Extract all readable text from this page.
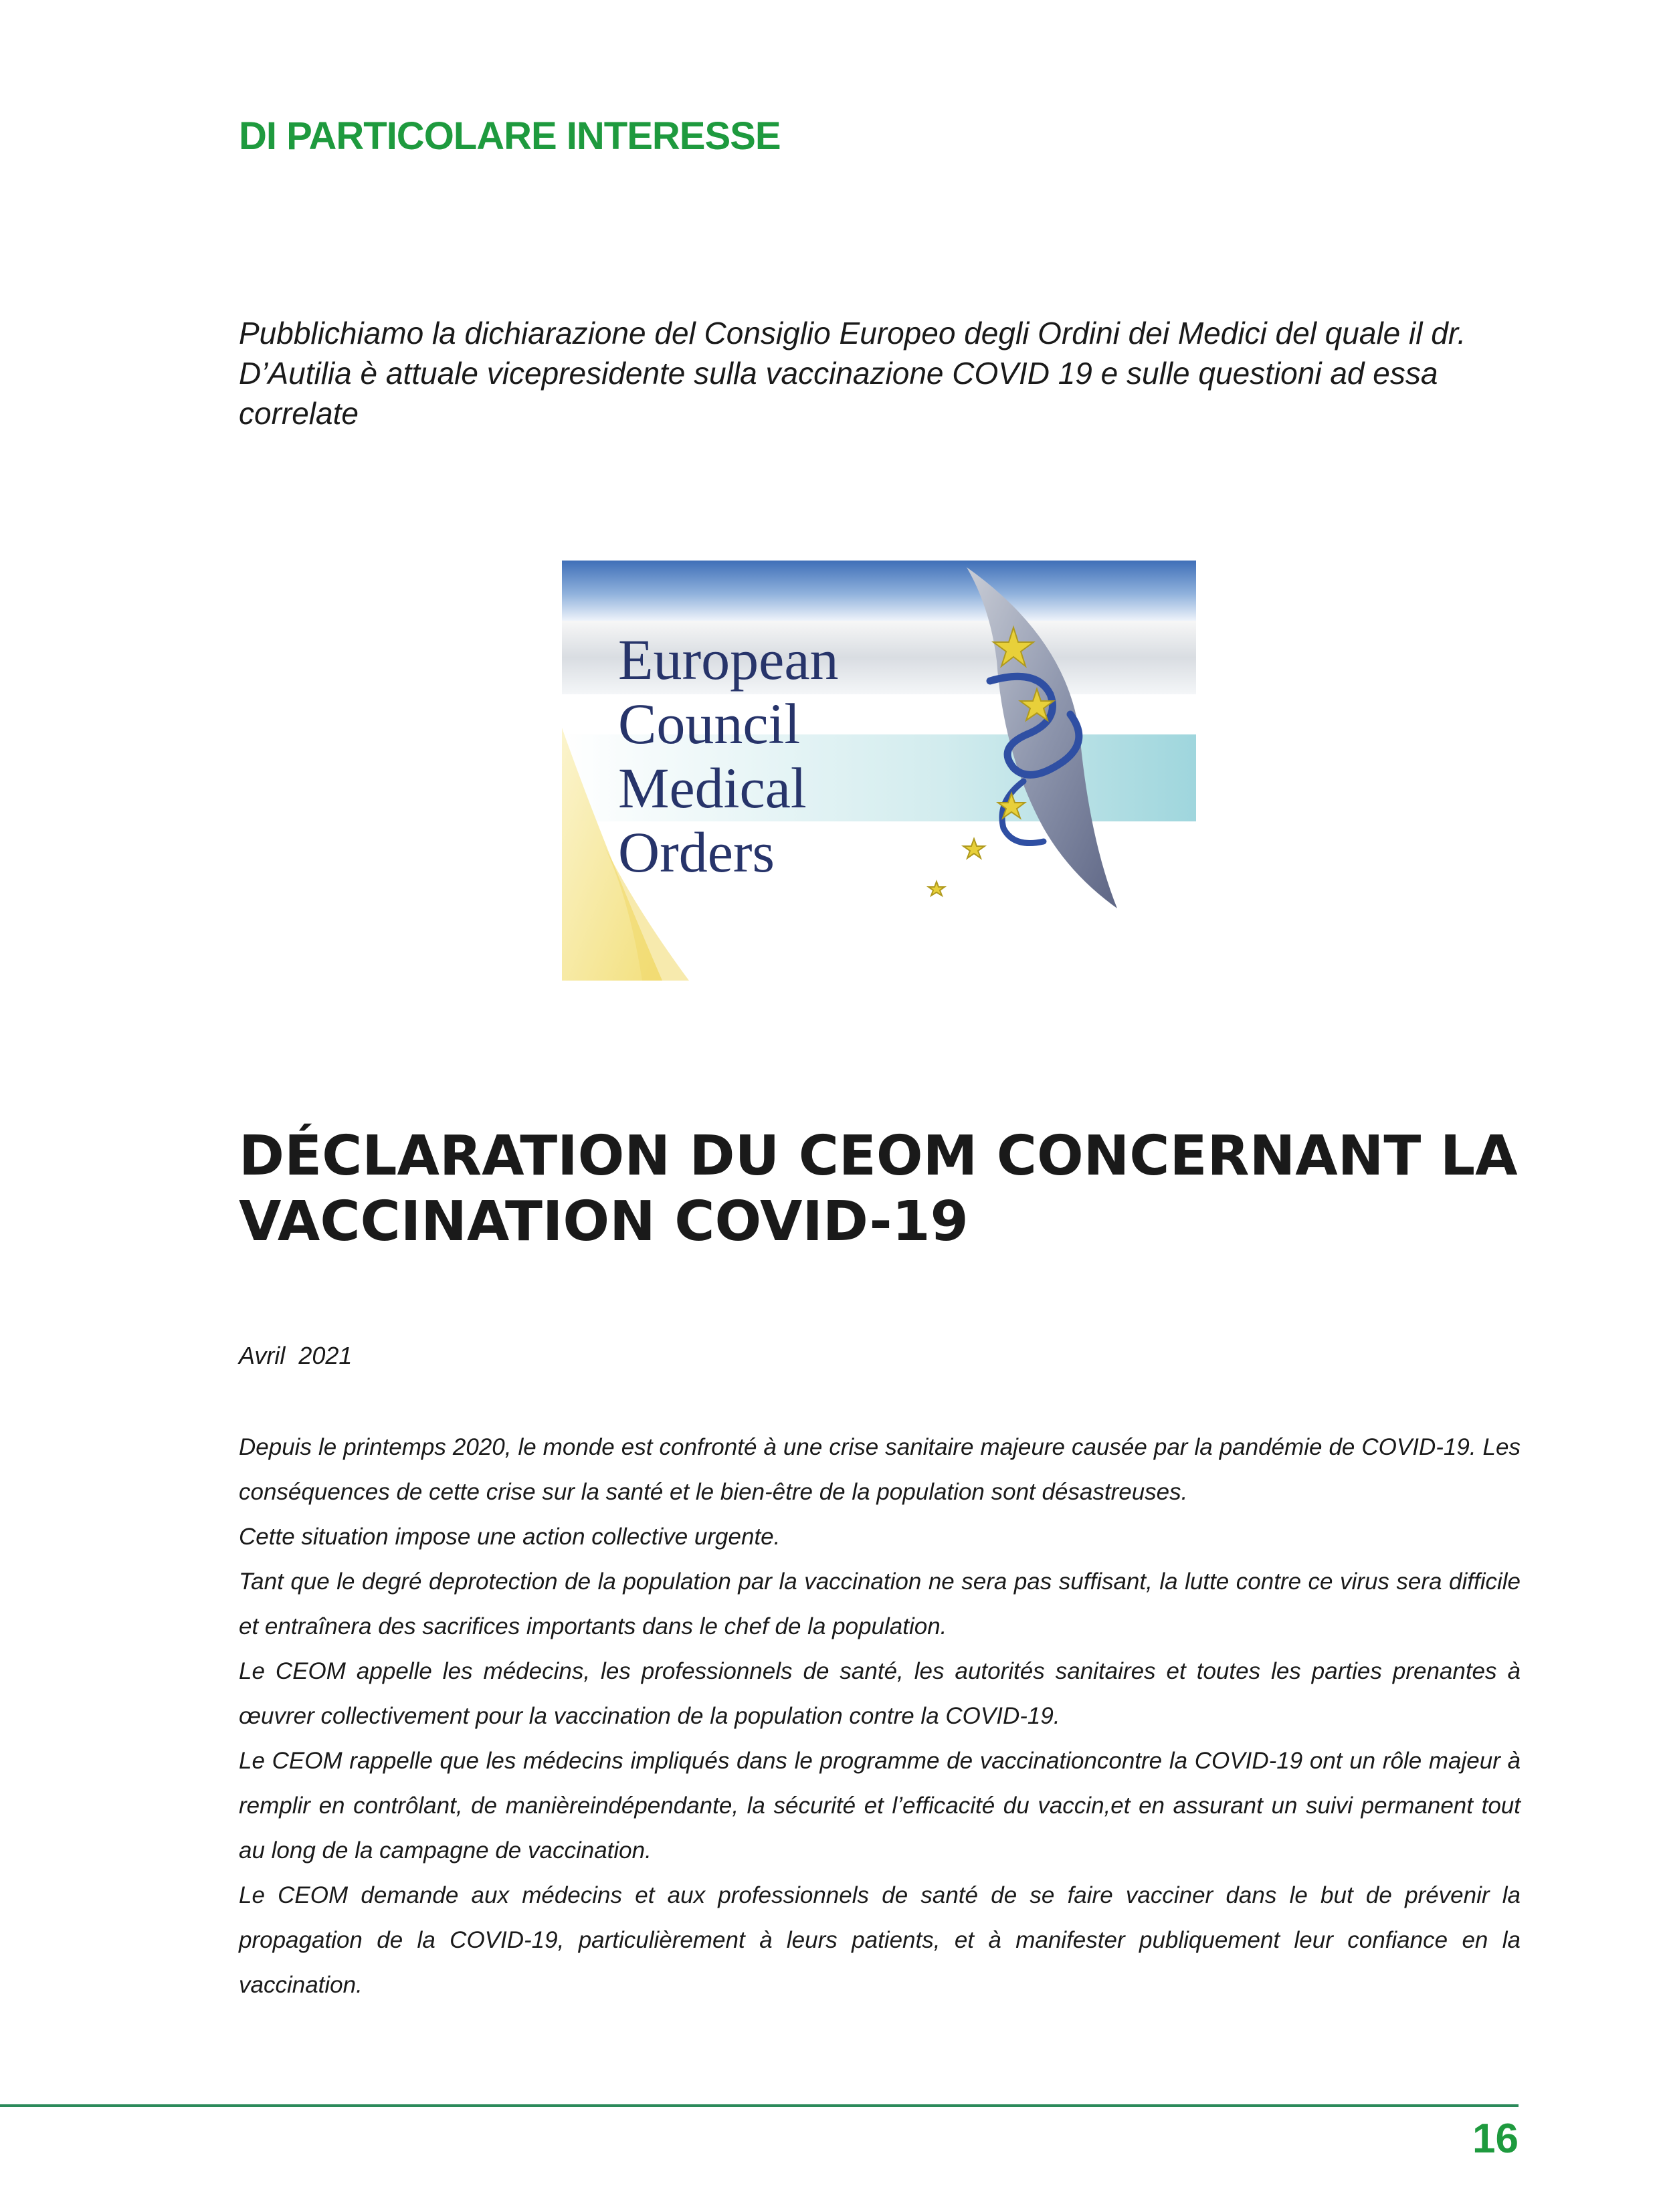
DI PARTICOLARE INTERESSE
Pubblichiamo la dichiarazione del Consiglio Europeo degli Ordini dei Medici del quale il dr. D’Autilia è attuale vicepresidente sulla vaccinazione COVID 19 e sulle questioni ad essa correlate
European
Council
Medical
Orders
DÉCLARATION DU CEOM CONCERNANT LA VACCINATION COVID-19
Avril  2021

Depuis le printemps 2020, le monde est confronté à une crise sanitaire majeure causée par la pandémie de COVID-19. Les conséquences de cette crise sur la santé et le bien-être de la population sont désastreuses.

Cette situation impose une action collective urgente.

Tant que le degré deprotection de la population par la vaccination ne sera pas suffisant, la lutte contre ce virus sera difficile et entraînera des sacrifices importants dans le chef de la population.

Le CEOM appelle les médecins, les professionnels de santé, les autorités sanitaires et toutes les parties prenantes à œuvrer collectivement pour la vaccination de la population contre la COVID-19.

Le CEOM rappelle que les médecins impliqués dans le programme de vaccinationcontre la COVID-19 ont un rôle majeur à remplir en contrôlant, de manièreindépendante, la sécurité et l’efficacité du vaccin,et en assurant un suivi permanent tout au long de la campagne de vaccination.

Le CEOM demande aux médecins et aux professionnels de santé de se faire vacciner dans le but de prévenir la propagation de la COVID-19, particulièrement à leurs patients, et à manifester publiquement leur confiance en la vaccination.

16
